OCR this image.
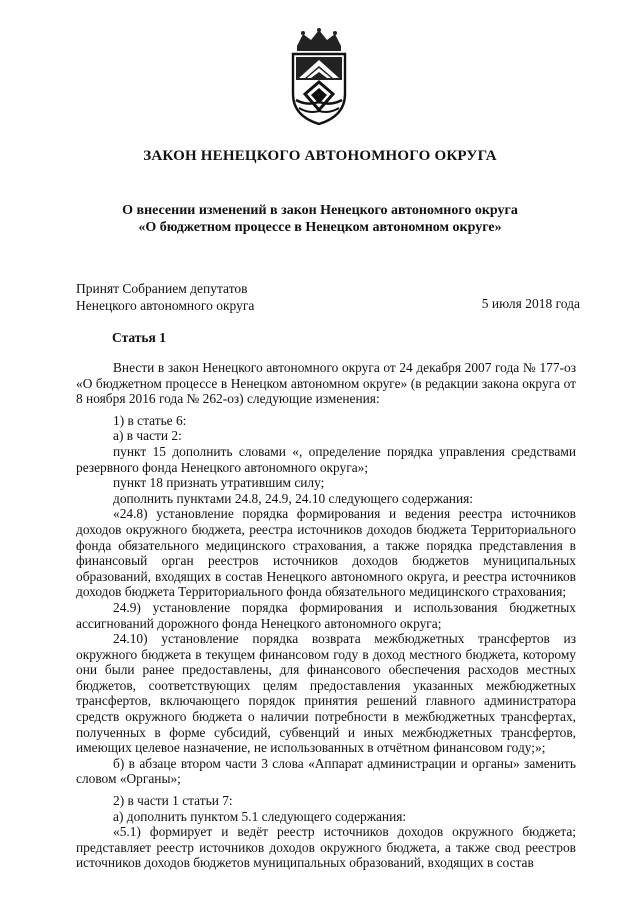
ЗАКОН НЕНЕЦКОГО АВТОНОМНОГО ОКРУГА
О внесении изменений в закон Ненецкого автономного округа
«О бюджетном процессе в Ненецком автономном округе»
Принят Собранием депутатов
Ненецкого автономного округа	5 июля 2018 года
Статья 1

Внести в закон Ненецкого автономного округа от 24 декабря 2007 года № 177-оз «О бюджетном процессе в Ненецком автономном округе» (в редакции закона округа от 8 ноября 2016 года № 262-оз) следующие изменения:

1) в статье 6:

а) в части 2:

пункт 15 дополнить словами «, определение порядка управления средствами резервного фонда Ненецкого автономного округа»;

пункт 18 признать утратившим силу;

дополнить пунктами 24.8, 24.9, 24.10 следующего содержания:

«24.8) установление порядка формирования и ведения реестра источников доходов окружного бюджета, реестра источников доходов бюджета Территориального фонда обязательного медицинского страхования, а также порядка представления в финансовый орган реестров источников доходов бюджетов муниципальных образований, входящих в состав Ненецкого автономного округа, и реестра источников доходов бюджета Территориального фонда обязательного медицинского страхования;

24.9) установление порядка формирования и использования бюджетных ассигнований дорожного фонда Ненецкого автономного округа;

24.10) установление порядка возврата межбюджетных трансфертов из окружного бюджета в текущем финансовом году в доход местного бюджета, которому они были ранее предоставлены, для финансового обеспечения расходов местных бюджетов, соответствующих целям предоставления указанных межбюджетных трансфертов, включающего порядок принятия решений главного администратора средств окружного бюджета о наличии потребности в межбюджетных трансфертах, полученных в форме субсидий, субвенций и иных межбюджетных трансфертов, имеющих целевое назначение, не использованных в отчётном финансовом году;»;

б) в абзаце втором части 3 слова «Аппарат администрации и органы» заменить словом «Органы»;

2) в части 1 статьи 7:

а) дополнить пунктом 5.1 следующего содержания:

«5.1) формирует и ведёт реестр источников доходов окружного бюджета; представляет реестр источников доходов окружного бюджета, а также свод реестров источников доходов бюджетов муниципальных образований, входящих в состав
